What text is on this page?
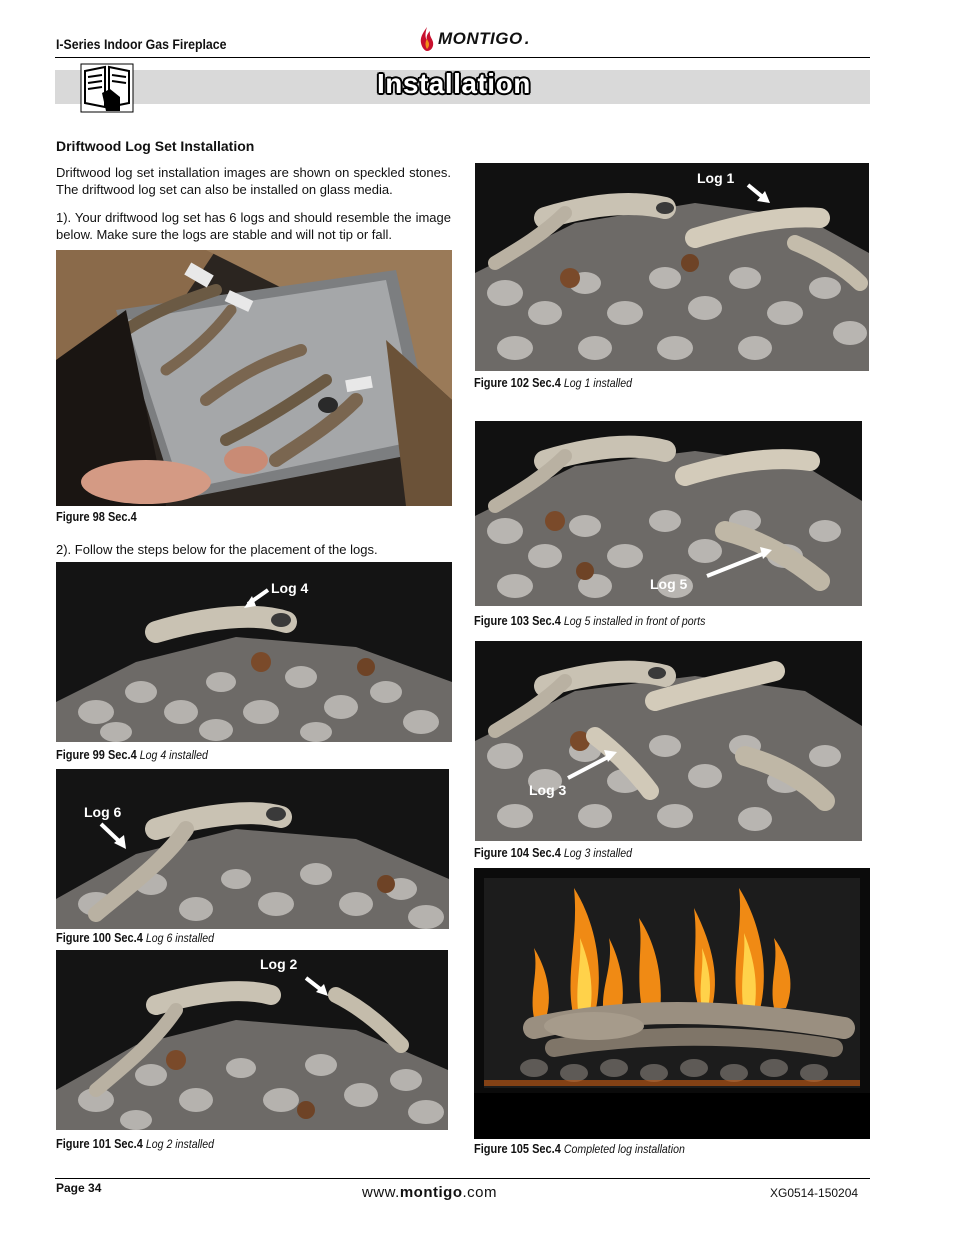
I-Series Indoor Gas Fireplace	MONTIGO .
Installation
Driftwood Log Set Installation
Driftwood log set installation images are shown on speckled stones. The driftwood log set can also be installed on glass media.
1). Your driftwood log set has 6 logs and should resemble the image below. Make sure the logs are stable and will not tip or fall.
Figure 98 Sec.4
2). Follow the steps below for the placement of the logs.
Log 4
Figure 99 Sec.4 Log 4 installed
Log 6
Figure 100 Sec.4 Log 6 installed
Log 2
Figure 101 Sec.4 Log 2 installed
Log 1
Figure 102 Sec.4 Log 1 installed
Log 5
Figure 103 Sec.4 Log 5 installed in front of ports
Log 3
Figure 104 Sec.4 Log 3 installed
Figure 105 Sec.4 Completed log installation
Page 34	www.montigo.com	XG0514-150204
